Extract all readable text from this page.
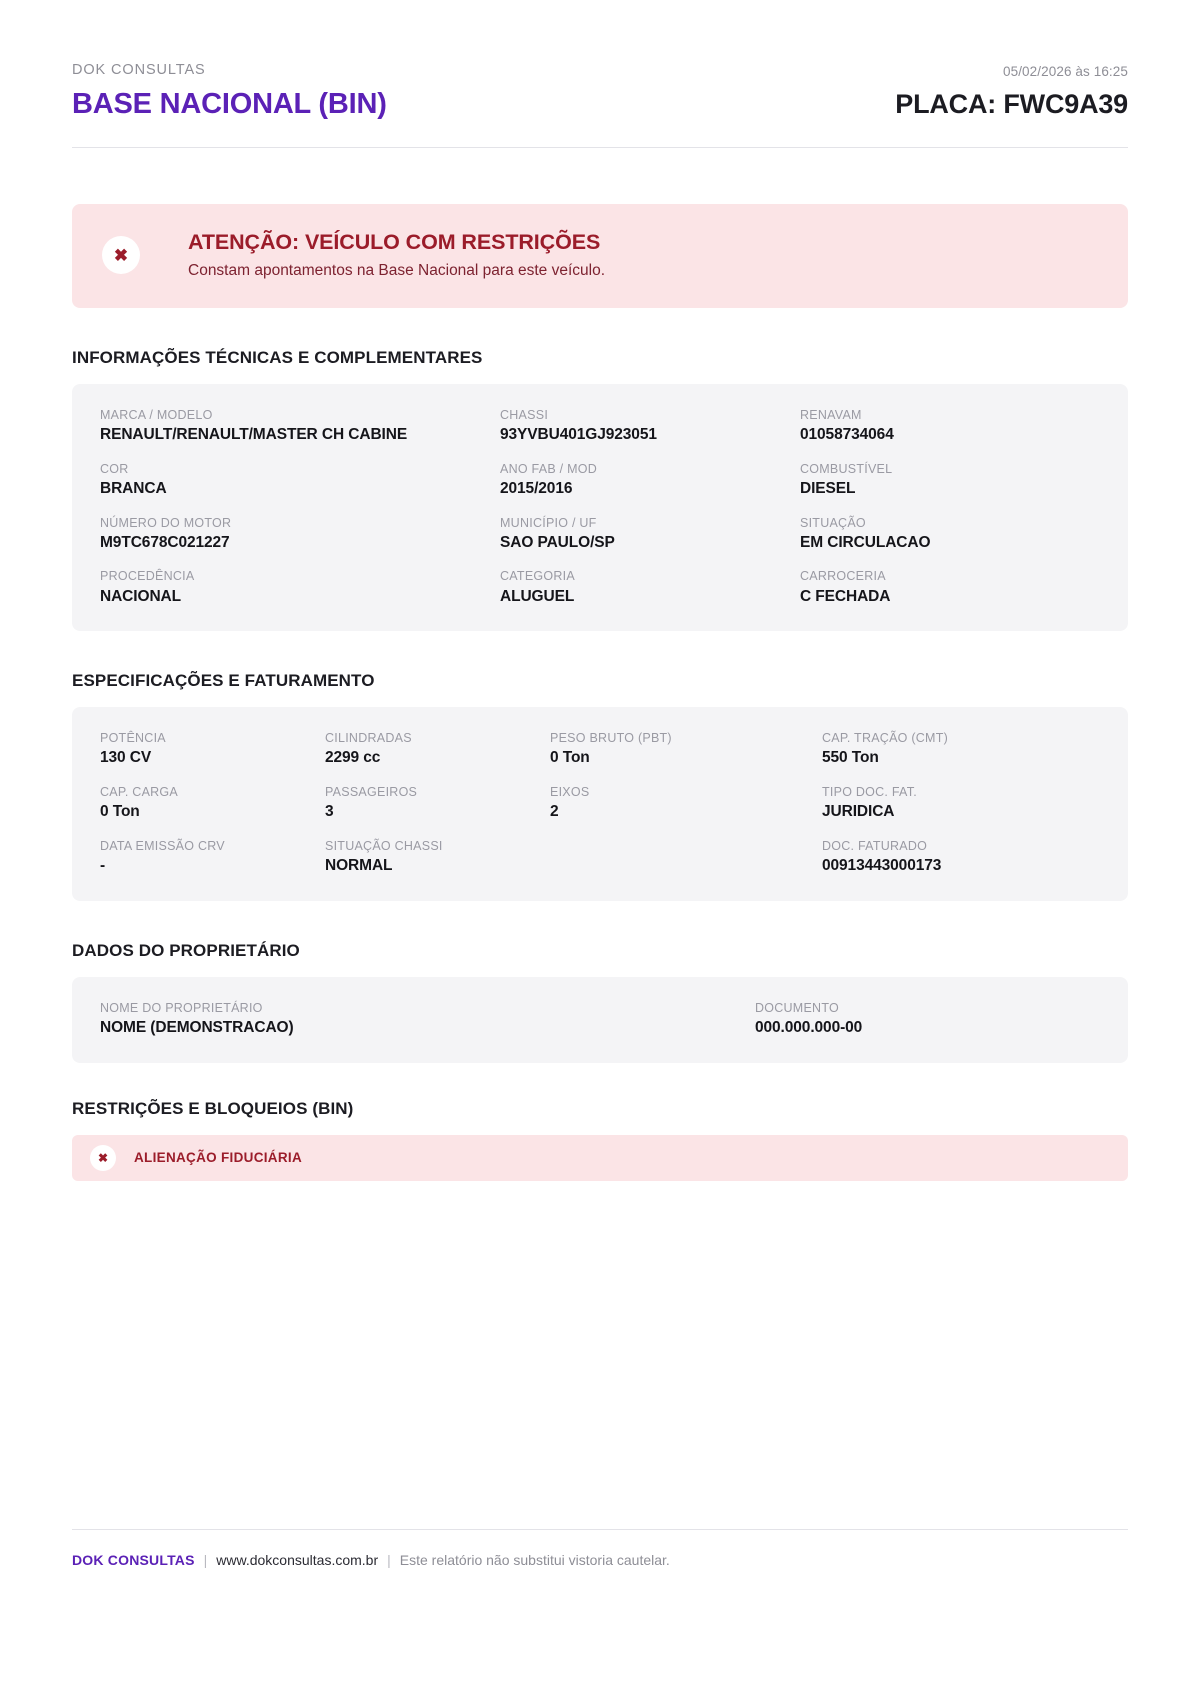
DOK CONSULTAS	05/02/2026 às 16:25
BASE NACIONAL (BIN)	PLACA: FWC9A39
✖
ATENÇÃO: VEÍCULO COM RESTRIÇÕES
Constam apontamentos na Base Nacional para este veículo.
INFORMAÇÕES TÉCNICAS E COMPLEMENTARES
MARCA / MODELO
RENAULT/RENAULT/MASTER CH CABINE
CHASSI
93YVBU401GJ923051
RENAVAM
01058734064
COR
BRANCA
ANO FAB / MOD
2015/2016
COMBUSTÍVEL
DIESEL
NÚMERO DO MOTOR
M9TC678C021227
MUNICÍPIO / UF
SAO PAULO/SP
SITUAÇÃO
EM CIRCULACAO
PROCEDÊNCIA
NACIONAL
CATEGORIA
ALUGUEL
CARROCERIA
C FECHADA
ESPECIFICAÇÕES E FATURAMENTO
POTÊNCIA
130 CV
CILINDRADAS
2299 cc
PESO BRUTO (PBT)
0 Ton
CAP. TRAÇÃO (CMT)
550 Ton
CAP. CARGA
0 Ton
PASSAGEIROS
3
EIXOS
2
TIPO DOC. FAT.
JURIDICA
DATA EMISSÃO CRV
-
SITUAÇÃO CHASSI
NORMAL
DOC. FATURADO
00913443000173
DADOS DO PROPRIETÁRIO
NOME DO PROPRIETÁRIO
NOME (DEMONSTRACAO)
DOCUMENTO
000.000.000-00
RESTRIÇÕES E BLOQUEIOS (BIN)
✖	ALIENAÇÃO FIDUCIÁRIA
DOK CONSULTAS | www.dokconsultas.com.br | Este relatório não substitui vistoria cautelar.
